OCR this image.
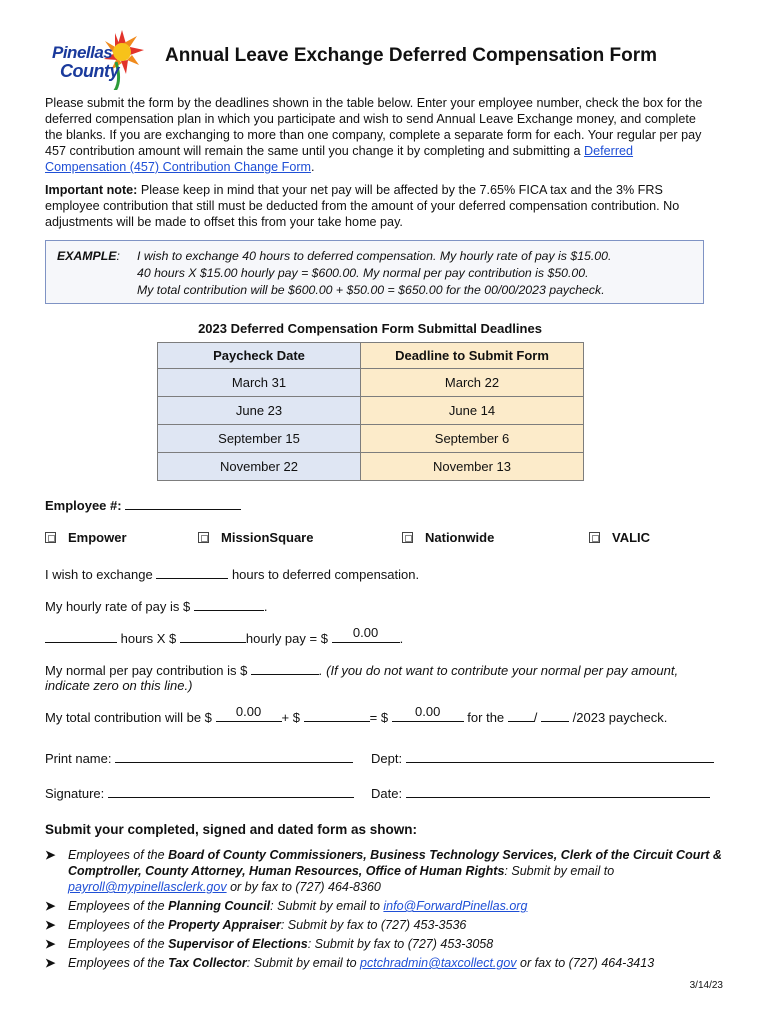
Pinellas
County
Annual Leave Exchange Deferred Compensation Form
Please submit the form by the deadlines shown in the table below. Enter your employee number, check the box for the deferred compensation plan in which you participate and wish to send Annual Leave Exchange money, and complete the blanks. If you are exchanging to more than one company, complete a separate form for each. Your regular per pay 457 contribution amount will remain the same until you change it by completing and submitting a Deferred Compensation (457) Contribution Change Form.
Important note: Please keep in mind that your net pay will be affected by the 7.65% FICA tax and the 3% FRS employee contribution that still must be deducted from the amount of your deferred compensation contribution. No adjustments will be made to offset this from your take home pay.
EXAMPLE: I wish to exchange 40 hours to deferred compensation. My hourly rate of pay is $15.00.
40 hours X $15.00 hourly pay = $600.00. My normal per pay contribution is $50.00.
My total contribution will be $600.00 + $50.00 = $650.00 for the 00/00/2023 paycheck.
2023 Deferred Compensation Form Submittal Deadlines
Paycheck Date	Deadline to Submit Form
March 31	March 22
June 23	June 14
September 15	September 6
November 22	November 13
Employee #:
Empower	MissionSquare	Nationwide	VALIC
I wish to exchange	hours to deferred compensation.
My hourly rate of pay is $	.
hours X $	hourly pay = $	0.00	.
My normal per pay contribution is $	. (If you do not want to contribute your normal per pay amount,
indicate zero on this line.)
My total contribution will be $	0.00	+ $	= $	0.00	for the /	/2023 paycheck.
Print name:	Dept:
Signature:	Date:
Submit your completed, signed and dated form as shown:
➤ Employees of the Board of County Commissioners, Business Technology Services, Clerk of the Circuit Court & Comptroller, County Attorney, Human Resources, Office of Human Rights: Submit by email to payroll@mypinellasclerk.gov or by fax to (727) 464-8360
➤ Employees of the Planning Council: Submit by email to info@ForwardPinellas.org
➤ Employees of the Property Appraiser: Submit by fax to (727) 453-3536
➤ Employees of the Supervisor of Elections: Submit by fax to (727) 453-3058
➤ Employees of the Tax Collector: Submit by email to pctchradmin@taxcollect.gov or fax to (727) 464-3413
3/14/23
